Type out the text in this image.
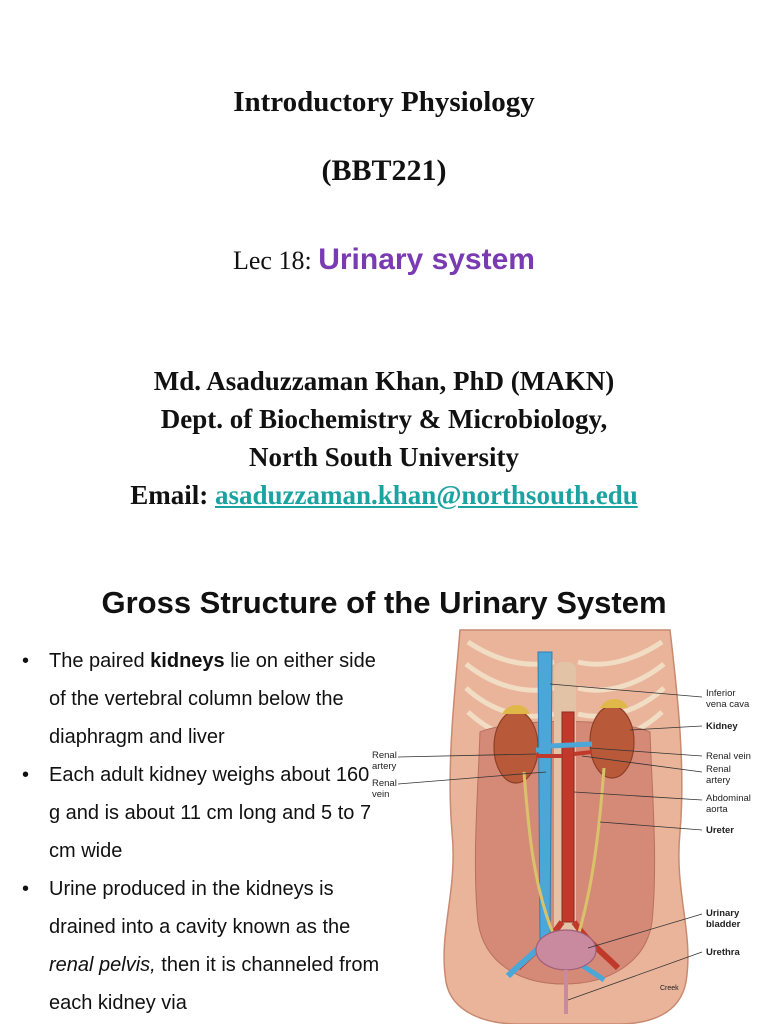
Introductory Physiology
(BBT221)
Lec 18: Urinary system
Md. Asaduzzaman Khan, PhD (MAKN)
Dept. of Biochemistry & Microbiology,
North South University
Email: asaduzzaman.khan@northsouth.edu
Gross Structure of the Urinary System
• The paired kidneys lie on either side of the vertebral column below the diaphragm and liver
• Each adult kidney weighs about 160 g and is about 11 cm long and 5 to 7 cm wide
• Urine produced in the kidneys is drained into a cavity known as the renal pelvis, then it is channeled from each kidney via
Renal artery
Renal vein
Inferior vena cava
Kidney
Renal vein
Renal artery
Abdominal aorta
Ureter
Urinary bladder
Urethra
Creek
